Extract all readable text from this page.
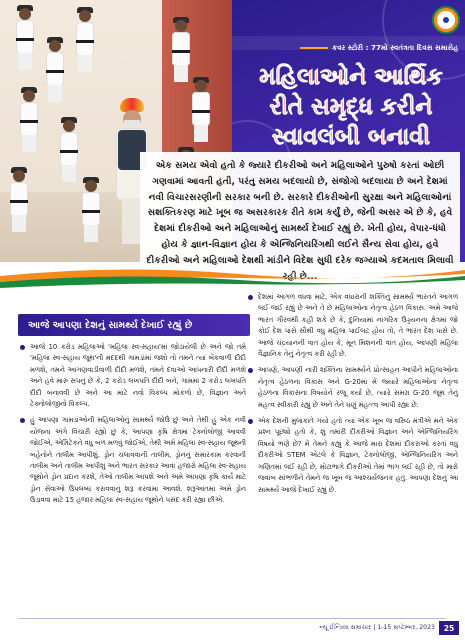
કવર સ્ટોરી : 77મો સ્વતંત્રતા દિવસ સમારોહ
મહિલાઓને આર્થિક રીતે સમૃદ્ધ કરીને સ્વાવલંબી બનાવી
એક સમય એવો હતો કે જ્યારે દીકરીઓ અને મહિલાઓને પુરુષો કરતાં ઓછી ગણવામાં આવતી હતી, પરંતુ સમય બદલાયો છે, સંજોગો બદલાયા છે અને દેશમાં નવી વિચારસરણીની સરકાર બની છે. સરકારે દીકરીઓની સુરક્ષા અને મહિલાઓનાં સશક્તિકરણ માટે ખૂબ જ અસરકારક રીતે કામ કર્યું છે, જેની અસર એ છે કે, હવે દેશમાં દીકરીઓ અને મહિલાઓનું સામર્થ્ય દેખાઈ રહ્યું છે. ખેતી હોય, વેપાર-ધંધો હોય કે જ્ઞાન-વિજ્ઞાન હોય કે એન્જિનિયરિંગથી લઈને સૈન્ય સેવા હોય, હવે દીકરીઓ અને મહિલાઓ દેશથી માંડીને વિદેશ સુધી દરેક જગ્યાએ કદમતાલ મિલાવી રહી છે...
આજે આપણા દેશનું સામર્થ્ય દેખાઈ રહ્યું છે
આજે 10 કરોડ મહિલાઓ 'મહિલા સ્વ-સહાય'માં જોડાયેલી છે અને જો તમે 'મહિલા સ્વ-સહાય જૂથ'ની મદદથી ગામડાંમાં જશો તો તમને ત્યાં બેંકવાળી દીદી મળશે, તમને આંગણવાડીવાળી દીદી મળશે, તમને દવાઓ આપનારી દીદી મળશે અને હવે મારું સપનું છે કે, 2 કરોડ લખપતિ દીદી બને, ગામમાં 2 કરોડ લખપતિ દીદી બનાવવી છે અને આ માટે નવો વિકલ્પ મોકળો છે, વિજ્ઞાન અને ટેક્નોલોજીનો વિકલ્પ.
હું આપણા ગામડાંઓની મહિલાઓનું સામર્થ્ય જોઉં છું અને તેથી હું એક નવી યોજના અંગે વિચારી રહ્યો છું કે, આપણા કૃષિ ક્ષેત્રમાં ટેક્નોલોજી આવવી જોઈએ, એગ્રિટેકને વધુ બળ મળવું જોઈએ, તેથી અમે મહિલા સ્વ-સહાય જૂથની બહેનોને તાલીમ આપીશું. ડ્રોન ચલાવવાની તાલીમ, ડ્રોનનું સમારકામ કરવાની તાલીમ અને તાલીમ આપીશું અને ભારત સરકાર આવા હજારો મહિલા સ્વ-સહાય જૂથોને ડ્રોન પ્રદાન કરશે, તેઓ તાલીમ આપશે અને અમે આપણા કૃષિ કાર્ય માટે ડ્રોન સેવાઓ ઉપલબ્ધ કરાવવાનું શરૂ કરવામાં આવશે. શરૂઆતમાં અમે ડ્રોન ઉડાવવા માટે 15 હજાર મહિલા સ્વ-સહાય જૂથોને પસંદ કરી રહ્યા છીએ.
દેશમાં આગળ વધવા માટે, એક વધારાની શક્તિનું સામર્થ્ય ભારતને આગળ લઈ જઈ રહ્યું છે અને તે છે મહિલાઓના નેતૃત્વ હેઠળ વિકાસ. અમે આજે ભારત ગૌરવથી કહી શકે છે કે, દુનિયામાં નાગરિક ઉડ્ડયનના ક્ષેત્રમાં જો કોઈ દેશ પાસે સૌથી વધુ મહિલા પાઈલટ હોય તો, તે ભારત દેશ પાસે છે. આજે ચંદ્રયાનની વાત હોય કે, મૂન મિશનની વાત હોય, આપણી મહિલા વૈજ્ઞાનિક તેનું નેતૃત્વ કરી રહી છે.
આપણે, આપણી નારી શક્તિના સામર્થ્યને પ્રોત્સાહન આપીને મહિલાઓના નેતૃત્વ હેઠળના વિકાસ અને G-20માં મેં જ્યારે મહિલાઓના નેતૃત્વ હેઠળના વિકાસના વિષયોને રજૂ કર્યા છે, ત્યારે સમગ્ર G-20 જૂથ તેનું મહત્વ સ્વીકારી રહ્યું છે અને તેને ઘણું મહત્ત્વ આપી રહ્યા છે.
એક દેશની મુલાકાતે ગયો હતો ત્યાં એક ખૂબ જ વરિષ્ઠ મંત્રીએ મને એક પ્રશ્ન પૂછ્યો હતો કે, શું તમારી દીકરીઓ વિજ્ઞાન અને એન્જિનિયરિંગ વિષયો ભણે છે? મેં તેમને કહ્યું કે આજે મારા દેશમાં દીકરાઓ કરતાં વધુ દીકરીઓ STEM એટલે કે વિજ્ઞાન, ટેક્નોલોજી, એન્જિનિયરિંગ અને ગણિતમાં લઈ રહી છે, મોટાભાગે દીકરીઓ તેમાં ભાગ લઈ રહી છે, તો મારો જવાબ સાંભળીને તેમને જ ખૂબ જ આશ્ચર્યજનક હતું. આપણા દેશનું આ સામર્થ્ય આજે દેખાઈ રહ્યું છે.
ન્યૂ ઈન્ડિયા સમાચાર | 1-15 સપ્ટેમ્બર, 2023	25
